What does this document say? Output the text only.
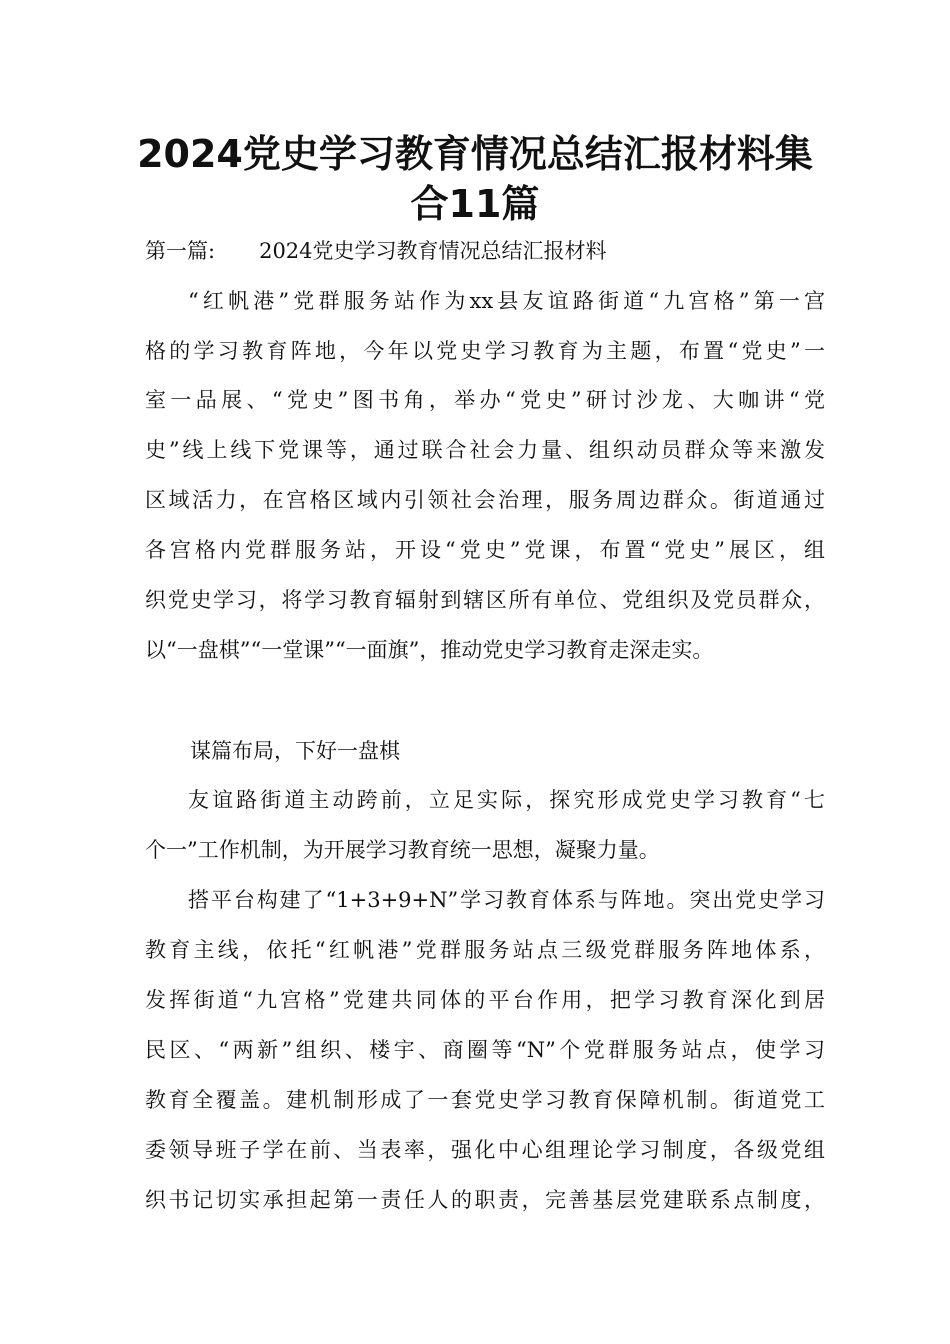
2024党史学习教育情况总结汇报材料集
合11篇
第一篇: 2024党史学习教育情况总结汇报材料
“红帆港”党群服务站作为xx县友谊路街道“九宫格”第一宫
格的学习教育阵地，今年以党史学习教育为主题，布置“党史”一
室一品展、“党史”图书角，举办“党史”研讨沙龙、大咖讲“党
史”线上线下党课等，通过联合社会力量、组织动员群众等来激发
区域活力，在宫格区域内引领社会治理，服务周边群众。街道通过
各宫格内党群服务站，开设“党史”党课，布置“党史”展区，组
织党史学习，将学习教育辐射到辖区所有单位、党组织及党员群众，
以“一盘棋”“一堂课”“一面旗”，推动党史学习教育走深走实。
谋篇布局，下好一盘棋
友谊路街道主动跨前，立足实际，探究形成党史学习教育“七
个一”工作机制，为开展学习教育统一思想，凝聚力量。
搭平台构建了“1+3+9+N”学习教育体系与阵地。突出党史学习
教育主线，依托“红帆港”党群服务站点三级党群服务阵地体系，
发挥街道“九宫格”党建共同体的平台作用，把学习教育深化到居
民区、“两新”组织、楼宇、商圈等“N”个党群服务站点，使学习
教育全覆盖。建机制形成了一套党史学习教育保障机制。街道党工
委领导班子学在前、当表率，强化中心组理论学习制度，各级党组
织书记切实承担起第一责任人的职责，完善基层党建联系点制度，
